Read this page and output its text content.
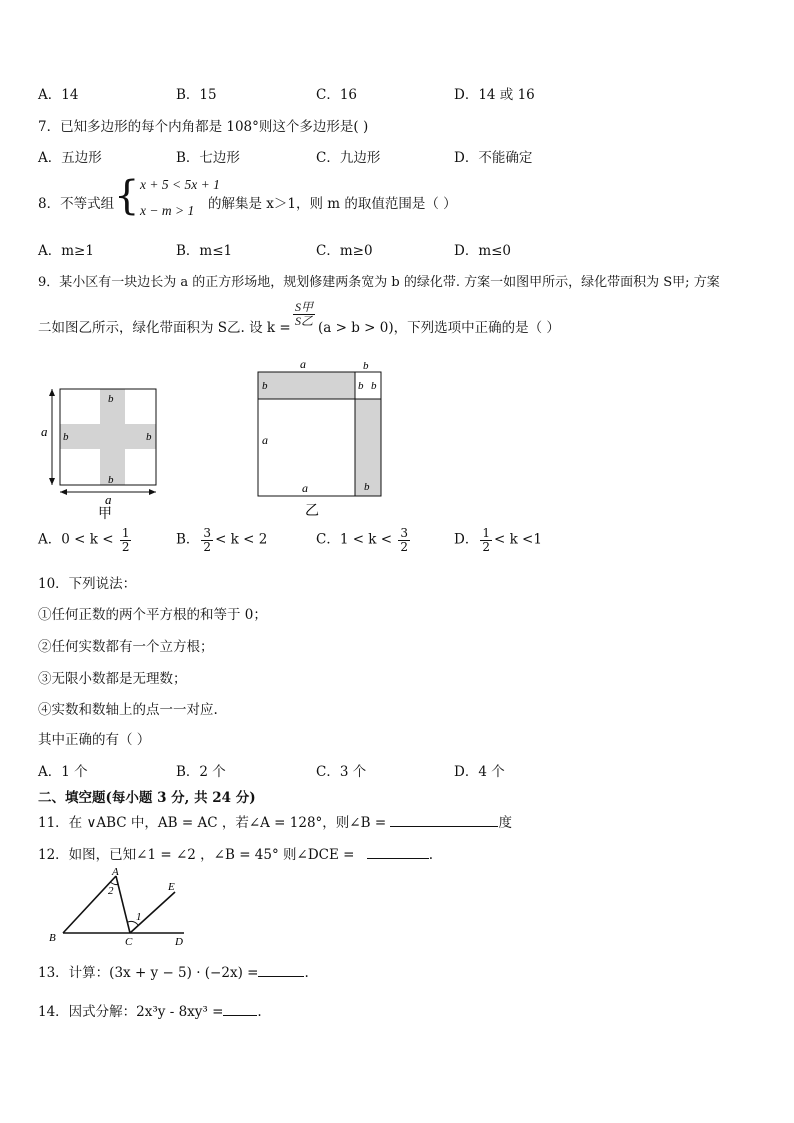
A．14	B．15	C．16	D．14 或 16
7．已知多边形的每个内角都是 108°则这个多边形是( )
A．五边形	B．七边形	C．九边形	D．不能确定
8．不等式组 { x + 5 < 5x + 1
x − m > 1 的解集是 x＞1，则 m 的取值范围是（ ）
A．m≥1	B．m≤1	C．m≥0	D．m≤0
9．某小区有一块边长为 a 的正方形场地，规划修建两条宽为 b 的绿化带. 方案一如图甲所示，绿化带面积为 S甲; 方案
二如图乙所示，绿化带面积为 S乙. 设 k =
$\frac{\text{S甲}}{\text{S乙}}$
(a > b > 0)，下列选项中正确的是（ ）
a
b
b	b
b
a
甲
a	b
b	b b
a
a	b
乙
A．$0 < k < \frac{1}{2}$	B． $\frac{3}{2} < k < 2$	C．$1 < k < \frac{3}{2}$	D． $\frac{1}{2} < k <1$
10．下列说法：
①任何正数的两个平方根的和等于 0；
②任何实数都有一个立方根；
③无限小数都是无理数；
④实数和数轴上的点一一对应.
其中正确的有（ ）
A．1 个	B．2 个	C．3 个	D．4 个
二、填空题(每小题 3 分, 共 24 分)
11．在 ∨ABC 中，AB = AC ，若∠A = 128°，则∠B =	度
12．如图，已知∠1 = ∠2 ，∠B = 45° 则∠DCE =	.
A
2	E
1
B	C	D
13．计算：(3x + y − 5) · (−2x) =	.
14．因式分解：2x³y - 8xy³ =	.
